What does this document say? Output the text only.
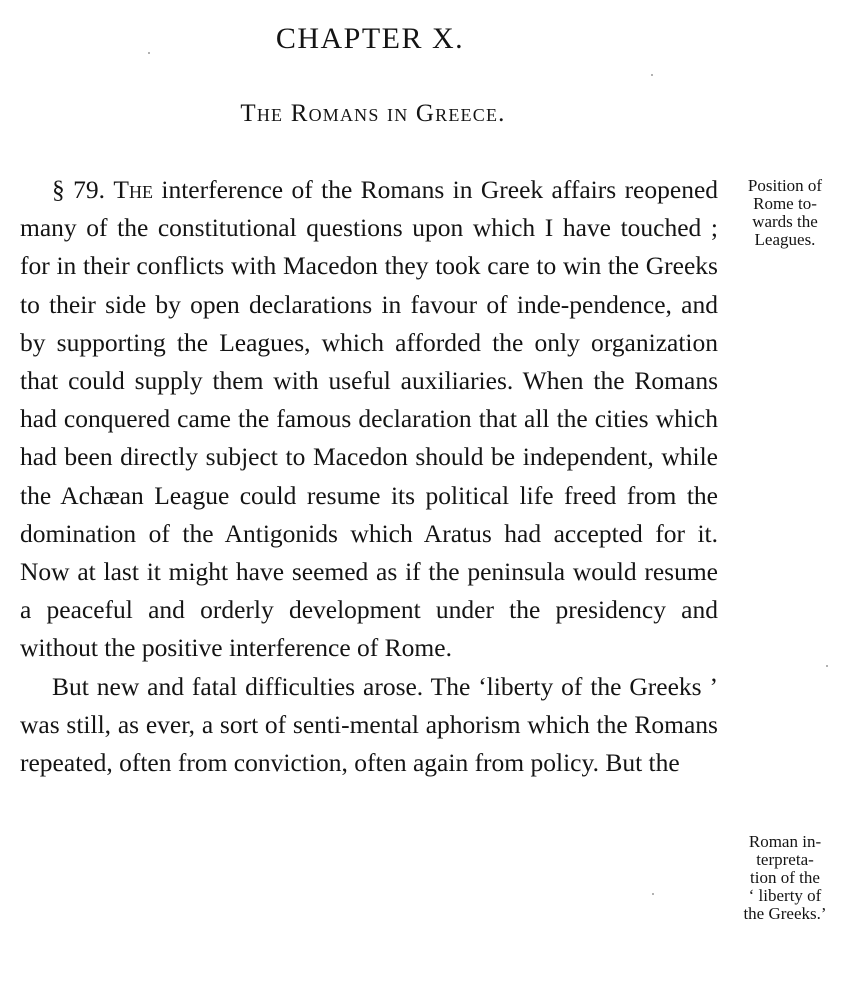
CHAPTER X.
The Romans in Greece.

§ 79. The interference of the Romans in Greek affairs reopened many of the constitutional questions upon which I have touched ; for in their conflicts with Macedon they took care to win the Greeks to their side by open declarations in favour of inde-pendence, and by supporting the Leagues, which afforded the only organization that could supply them with useful auxiliaries. When the Romans had conquered came the famous declaration that all the cities which had been directly subject to Macedon should be independent, while the Achæan League could resume its political life freed from the domination of the Antigonids which Aratus had accepted for it. Now at last it might have seemed as if the peninsula would resume a peaceful and orderly development under the presidency and without the positive interference of Rome.

But new and fatal difficulties arose. The ‘liberty of the Greeks ’ was still, as ever, a sort of senti-mental aphorism which the Romans repeated, often from conviction, often again from policy. But the

Position of
Rome to-
wards the
Leagues.
Roman in-
terpreta-
tion of the
‘ liberty of
the Greeks.’
